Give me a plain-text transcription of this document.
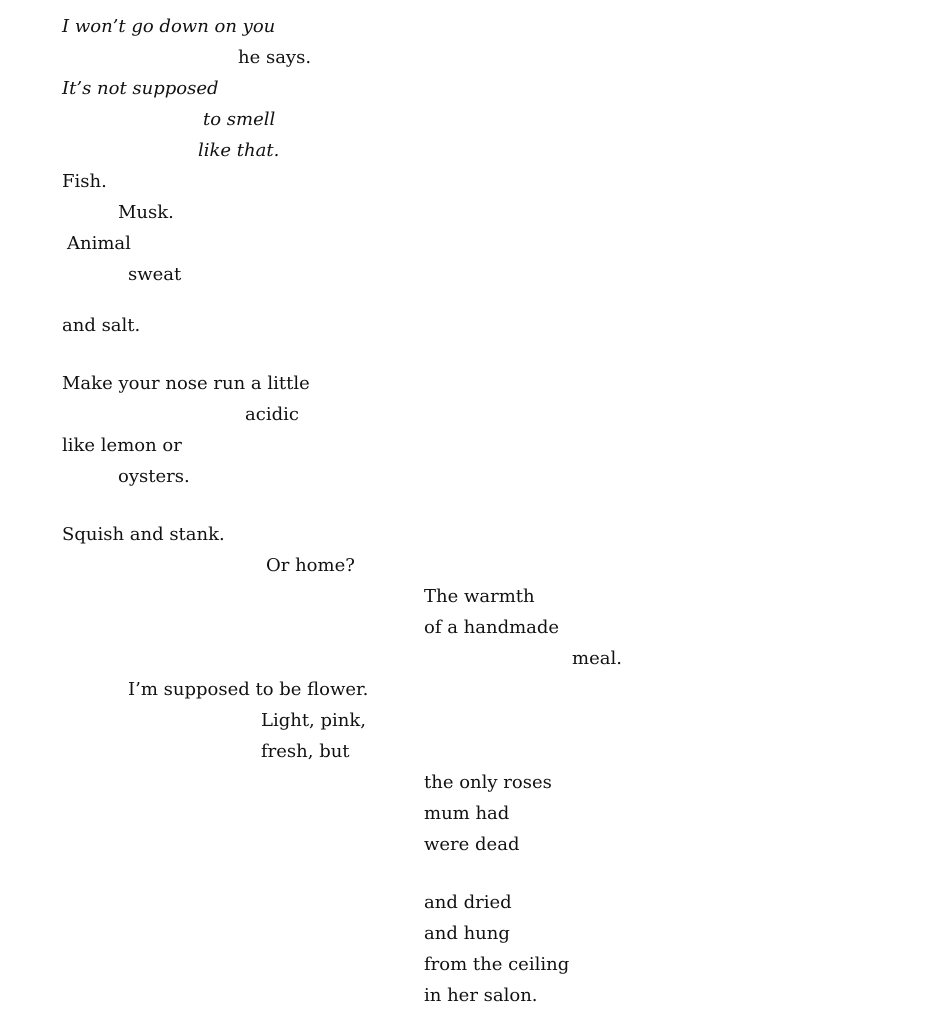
I won’t go down on you

he says.

It’s not supposed

to smell

like that.

Fish.

Musk.

Animal

sweat

and salt.

Make your nose run a little

acidic

like lemon or

oysters.

Squish and stank.

Or home?

The warmth

of a handmade

meal.

I’m supposed to be flower.

Light, pink,

fresh, but

the only roses

mum had

were dead

and dried

and hung

from the ceiling

in her salon.
